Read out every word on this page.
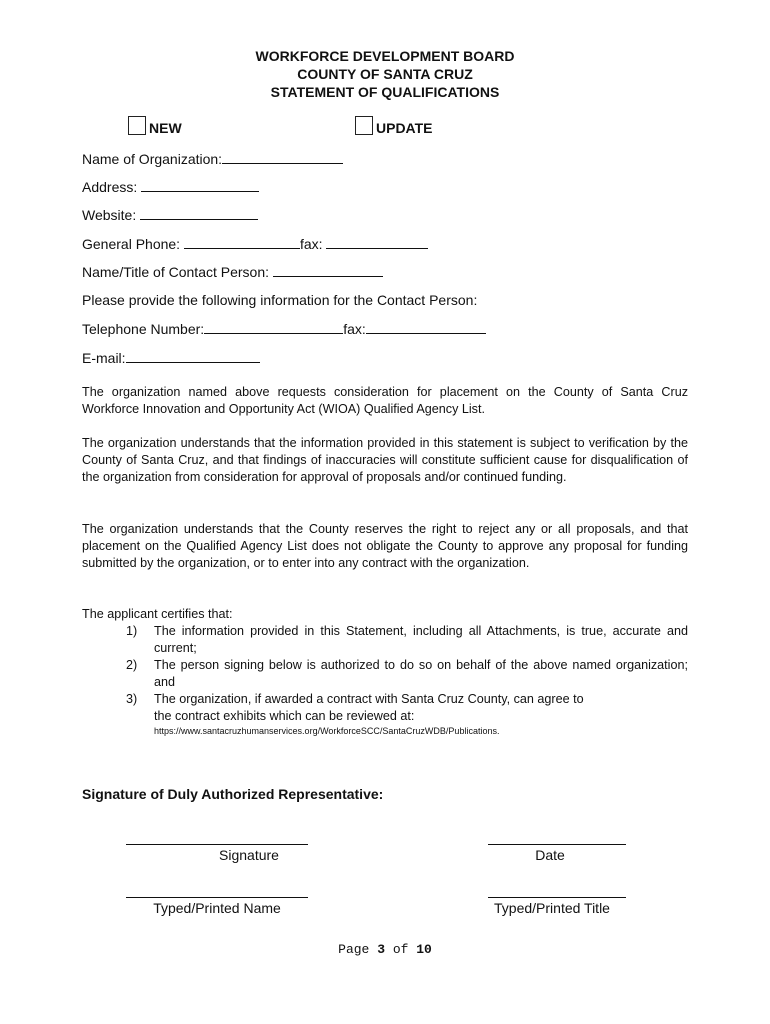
WORKFORCE DEVELOPMENT BOARD
COUNTY OF SANTA CRUZ
STATEMENT OF QUALIFICATIONS
NEW	UPDATE
Name of Organization:
Address:
Website:
General Phone:	fax:
Name/Title of Contact Person:
Please provide the following information for the Contact Person:
Telephone Number:	fax:
E-mail:
The organization named above requests consideration for placement on the County of Santa Cruz Workforce Innovation and Opportunity Act (WIOA) Qualified Agency List.
The organization understands that the information provided in this statement is subject to verification by the County of Santa Cruz, and that findings of inaccuracies will constitute sufficient cause for disqualification of the organization from consideration for approval of proposals and/or continued funding.
The organization understands that the County reserves the right to reject any or all proposals, and that placement on the Qualified Agency List does not obligate the County to approve any proposal for funding submitted by the organization, or to enter into any contract with the organization.
The applicant certifies that:
1) The information provided in this Statement, including all Attachments, is true, accurate and current;
2) The person signing below is authorized to do so on behalf of the above named organization; and
3) The organization, if awarded a contract with Santa Cruz County, can agree to the contract exhibits which can be reviewed at:
https://www.santacruzhumanservices.org/WorkforceSCC/SantaCruzWDB/Publications.
Signature of Duly Authorized Representative:
Signature	Date
Typed/Printed Name	Typed/Printed Title
Page 3 of 10
